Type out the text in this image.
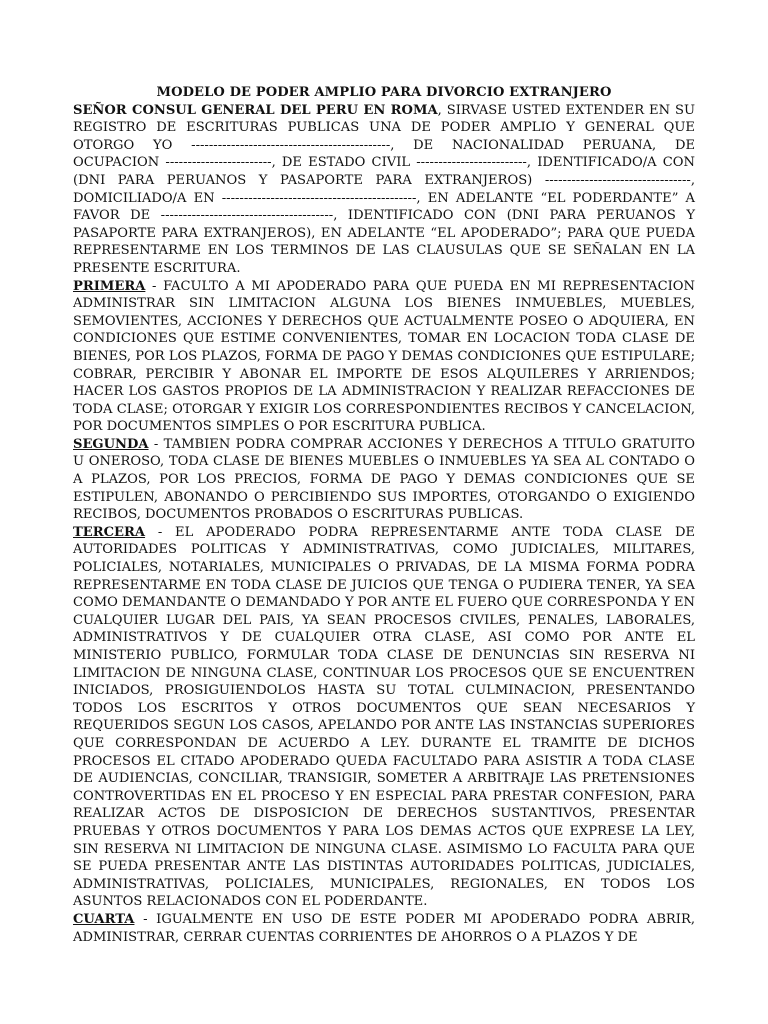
MODELO DE PODER AMPLIO PARA DIVORCIO EXTRANJERO

SEÑOR CONSUL GENERAL DEL PERU EN ROMA, SIRVASE USTED EXTENDER EN SU REGISTRO DE ESCRITURAS PUBLICAS UNA DE PODER AMPLIO Y GENERAL QUE OTORGO YO ---------------------------------------------, DE NACIONALIDAD PERUANA, DE OCUPACION ------------------------, DE ESTADO CIVIL -------------------------, IDENTIFICADO/A CON (DNI PARA PERUANOS Y PASAPORTE PARA EXTRANJEROS) ---------------------------------, DOMICILIADO/A EN --------------------------------------------, EN ADELANTE “EL PODERDANTE” A FAVOR DE ---------------------------------------, IDENTIFICADO CON (DNI PARA PERUANOS Y PASAPORTE PARA EXTRANJEROS), EN ADELANTE “EL APODERADO”; PARA QUE PUEDA REPRESENTARME EN LOS TERMINOS DE LAS CLAUSULAS QUE SE SEÑALAN EN LA PRESENTE ESCRITURA.

PRIMERA - FACULTO A MI APODERADO PARA QUE PUEDA EN MI REPRESENTACION ADMINISTRAR SIN LIMITACION ALGUNA LOS BIENES INMUEBLES, MUEBLES, SEMOVIENTES, ACCIONES Y DERECHOS QUE ACTUALMENTE POSEO O ADQUIERA, EN CONDICIONES QUE ESTIME CONVENIENTES, TOMAR EN LOCACION TODA CLASE DE BIENES, POR LOS PLAZOS, FORMA DE PAGO Y DEMAS CONDICIONES QUE ESTIPULARE; COBRAR, PERCIBIR Y ABONAR EL IMPORTE DE ESOS ALQUILERES Y ARRIENDOS; HACER LOS GASTOS PROPIOS DE LA ADMINISTRACION Y REALIZAR REFACCIONES DE TODA CLASE; OTORGAR Y EXIGIR LOS CORRESPONDIENTES RECIBOS Y CANCELACION, POR DOCUMENTOS SIMPLES O POR ESCRITURA PUBLICA.

SEGUNDA - TAMBIEN PODRA COMPRAR ACCIONES Y DERECHOS A TITULO GRATUITO U ONEROSO, TODA CLASE DE BIENES MUEBLES O INMUEBLES YA SEA AL CONTADO O A PLAZOS, POR LOS PRECIOS, FORMA DE PAGO Y DEMAS CONDICIONES QUE SE ESTIPULEN, ABONANDO O PERCIBIENDO SUS IMPORTES, OTORGANDO O EXIGIENDO RECIBOS, DOCUMENTOS PROBADOS O ESCRITURAS PUBLICAS.

TERCERA - EL APODERADO PODRA REPRESENTARME ANTE TODA CLASE DE AUTORIDADES POLITICAS Y ADMINISTRATIVAS, COMO JUDICIALES, MILITARES, POLICIALES, NOTARIALES, MUNICIPALES O PRIVADAS, DE LA MISMA FORMA PODRA REPRESENTARME EN TODA CLASE DE JUICIOS QUE TENGA O PUDIERA TENER, YA SEA COMO DEMANDANTE O DEMANDADO Y POR ANTE EL FUERO QUE CORRESPONDA Y EN CUALQUIER LUGAR DEL PAIS, YA SEAN PROCESOS CIVILES, PENALES, LABORALES, ADMINISTRATIVOS Y DE CUALQUIER OTRA CLASE, ASI COMO POR ANTE EL MINISTERIO PUBLICO, FORMULAR TODA CLASE DE DENUNCIAS SIN RESERVA NI LIMITACION DE NINGUNA CLASE, CONTINUAR LOS PROCESOS QUE SE ENCUENTREN INICIADOS, PROSIGUIENDOLOS HASTA SU TOTAL CULMINACION, PRESENTANDO TODOS LOS ESCRITOS Y OTROS DOCUMENTOS QUE SEAN NECESARIOS Y REQUERIDOS SEGUN LOS CASOS, APELANDO POR ANTE LAS INSTANCIAS SUPERIORES QUE CORRESPONDAN DE ACUERDO A LEY. DURANTE EL TRAMITE DE DICHOS PROCESOS EL CITADO APODERADO QUEDA FACULTADO PARA ASISTIR A TODA CLASE DE AUDIENCIAS, CONCILIAR, TRANSIGIR, SOMETER A ARBITRAJE LAS PRETENSIONES CONTROVERTIDAS EN EL PROCESO Y EN ESPECIAL PARA PRESTAR CONFESION, PARA REALIZAR ACTOS DE DISPOSICION DE DERECHOS SUSTANTIVOS, PRESENTAR PRUEBAS Y OTROS DOCUMENTOS Y PARA LOS DEMAS ACTOS QUE EXPRESE LA LEY, SIN RESERVA NI LIMITACION DE NINGUNA CLASE. ASIMISMO LO FACULTA PARA QUE SE PUEDA PRESENTAR ANTE LAS DISTINTAS AUTORIDADES POLITICAS, JUDICIALES, ADMINISTRATIVAS, POLICIALES, MUNICIPALES, REGIONALES, EN TODOS LOS ASUNTOS RELACIONADOS CON EL PODERDANTE.

CUARTA - IGUALMENTE EN USO DE ESTE PODER MI APODERADO PODRA ABRIR, ADMINISTRAR, CERRAR CUENTAS CORRIENTES DE AHORROS O A PLAZOS Y DE
